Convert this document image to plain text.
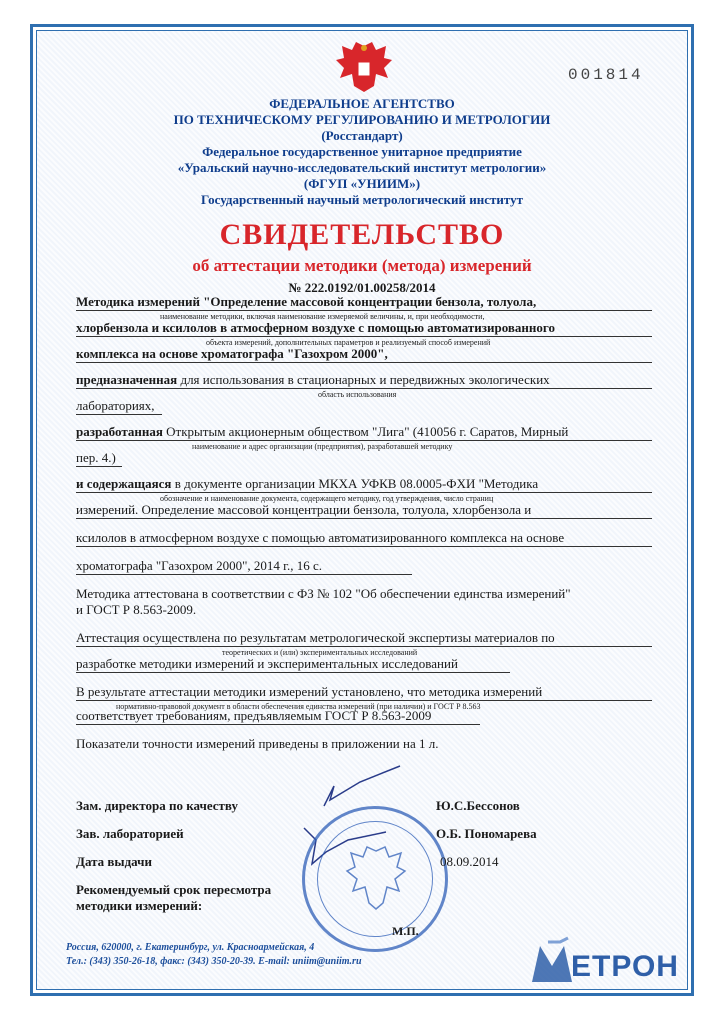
001814
ФЕДЕРАЛЬНОЕ АГЕНТСТВО
ПО ТЕХНИЧЕСКОМУ РЕГУЛИРОВАНИЮ И МЕТРОЛОГИИ
(Росстандарт)
Федеральное государственное унитарное предприятие
«Уральский научно-исследовательский институт метрологии»
(ФГУП «УНИИМ»)
Государственный научный метрологический институт
СВИДЕТЕЛЬСТВО
об аттестации методики (метода) измерений
№ 222.0192/01.00258/2014
Методика измерений "Определение массовой концентрации бензола, толуола,
наименование методики, включая наименование измеряемой величины, и, при необходимости,
хлорбензола и ксилолов в атмосферном воздухе с помощью автоматизированного
объекта измерений, дополнительных параметров и реализуемый способ измерений
комплекса на основе хроматографа "Газохром 2000",
предназначенная для использования в стационарных и передвижных экологических
область использования
лабораториях,
разработанная Открытым акционерным обществом "Лига" (410056 г. Саратов, Мирный
наименование и адрес организации (предприятия), разработавшей методику
пер. 4.)
и содержащаяся в документе организации МКХА УФКВ 08.0005-ФХИ "Методика
обозначение и наименование документа, содержащего методику, год утверждения, число страниц
измерений. Определение массовой концентрации бензола, толуола, хлорбензола и
ксилолов в атмосферном воздухе с помощью автоматизированного комплекса на основе
хроматографа "Газохром 2000", 2014 г., 16 с.
Методика аттестована в соответствии с ФЗ № 102 "Об обеспечении единства измерений"
и ГОСТ Р 8.563-2009.
Аттестация осуществлена по результатам метрологической экспертизы материалов по
теоретических и (или) экспериментальных исследований
разработке методики измерений и экспериментальных исследований
В результате аттестации методики измерений установлено, что методика измерений
нормативно-правовой документ в области обеспечения единства измерений (при наличии) и ГОСТ Р 8.563
соответствует требованиям, предъявляемым ГОСТ Р 8.563-2009
Показатели точности измерений приведены в приложении на 1 л.
Зам. директора по качеству	Ю.С.Бессонов
Зав. лабораторией	О.Б. Пономарева
Дата выдачи	08.09.2014
Рекомендуемый срок пересмотра
методики измерений:
М.П.
Россия, 620000, г. Екатеринбург, ул. Красноармейская, 4
Тел.: (343) 350-26-18, факс: (343) 350-20-39. E-mail: uniim@uniim.ru	ЕТРОН
